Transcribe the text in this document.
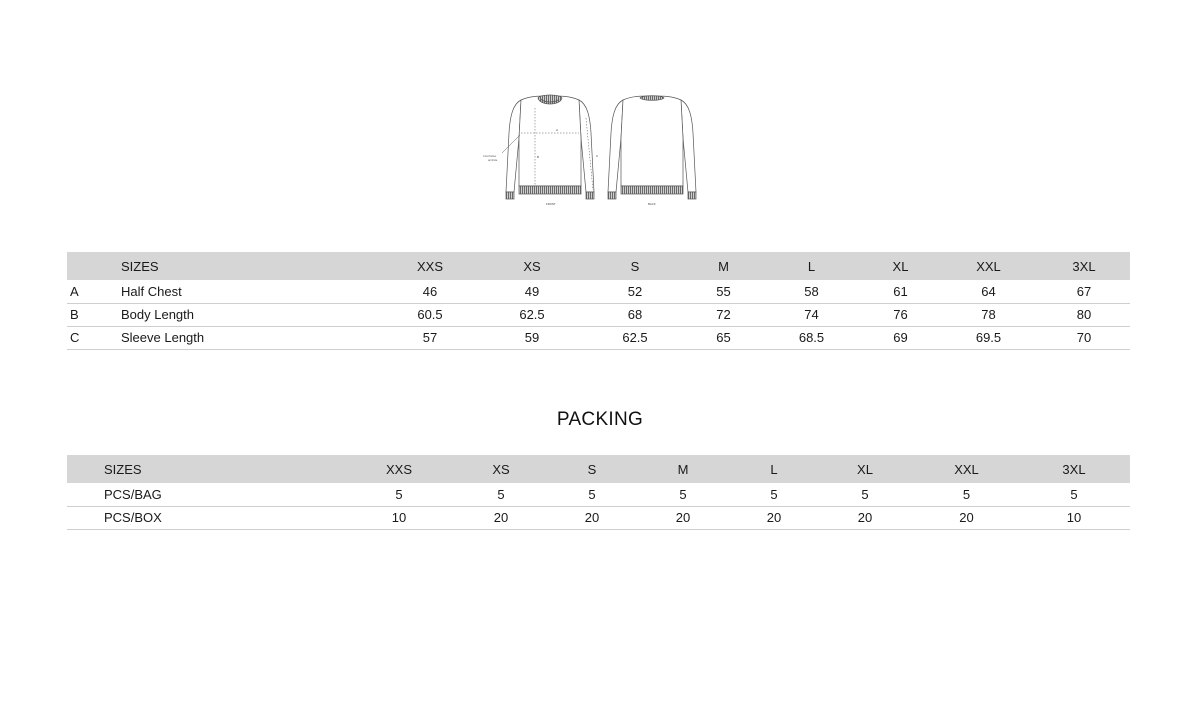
A
B	C
Cord below
armhole
FRONT	BACK
	SIZES	XXS	XS	S	M	L	XL	XXL	3XL
A	Half Chest	46	49	52	55	58	61	64	67
B	Body Length	60.5	62.5	68	72	74	76	78	80
C	Sleeve Length	57	59	62.5	65	68.5	69	69.5	70
PACKING
	SIZES	XXS	XS	S	M	L	XL	XXL	3XL
	PCS/BAG	5	5	5	5	5	5	5	5
	PCS/BOX	10	20	20	20	20	20	20	10
